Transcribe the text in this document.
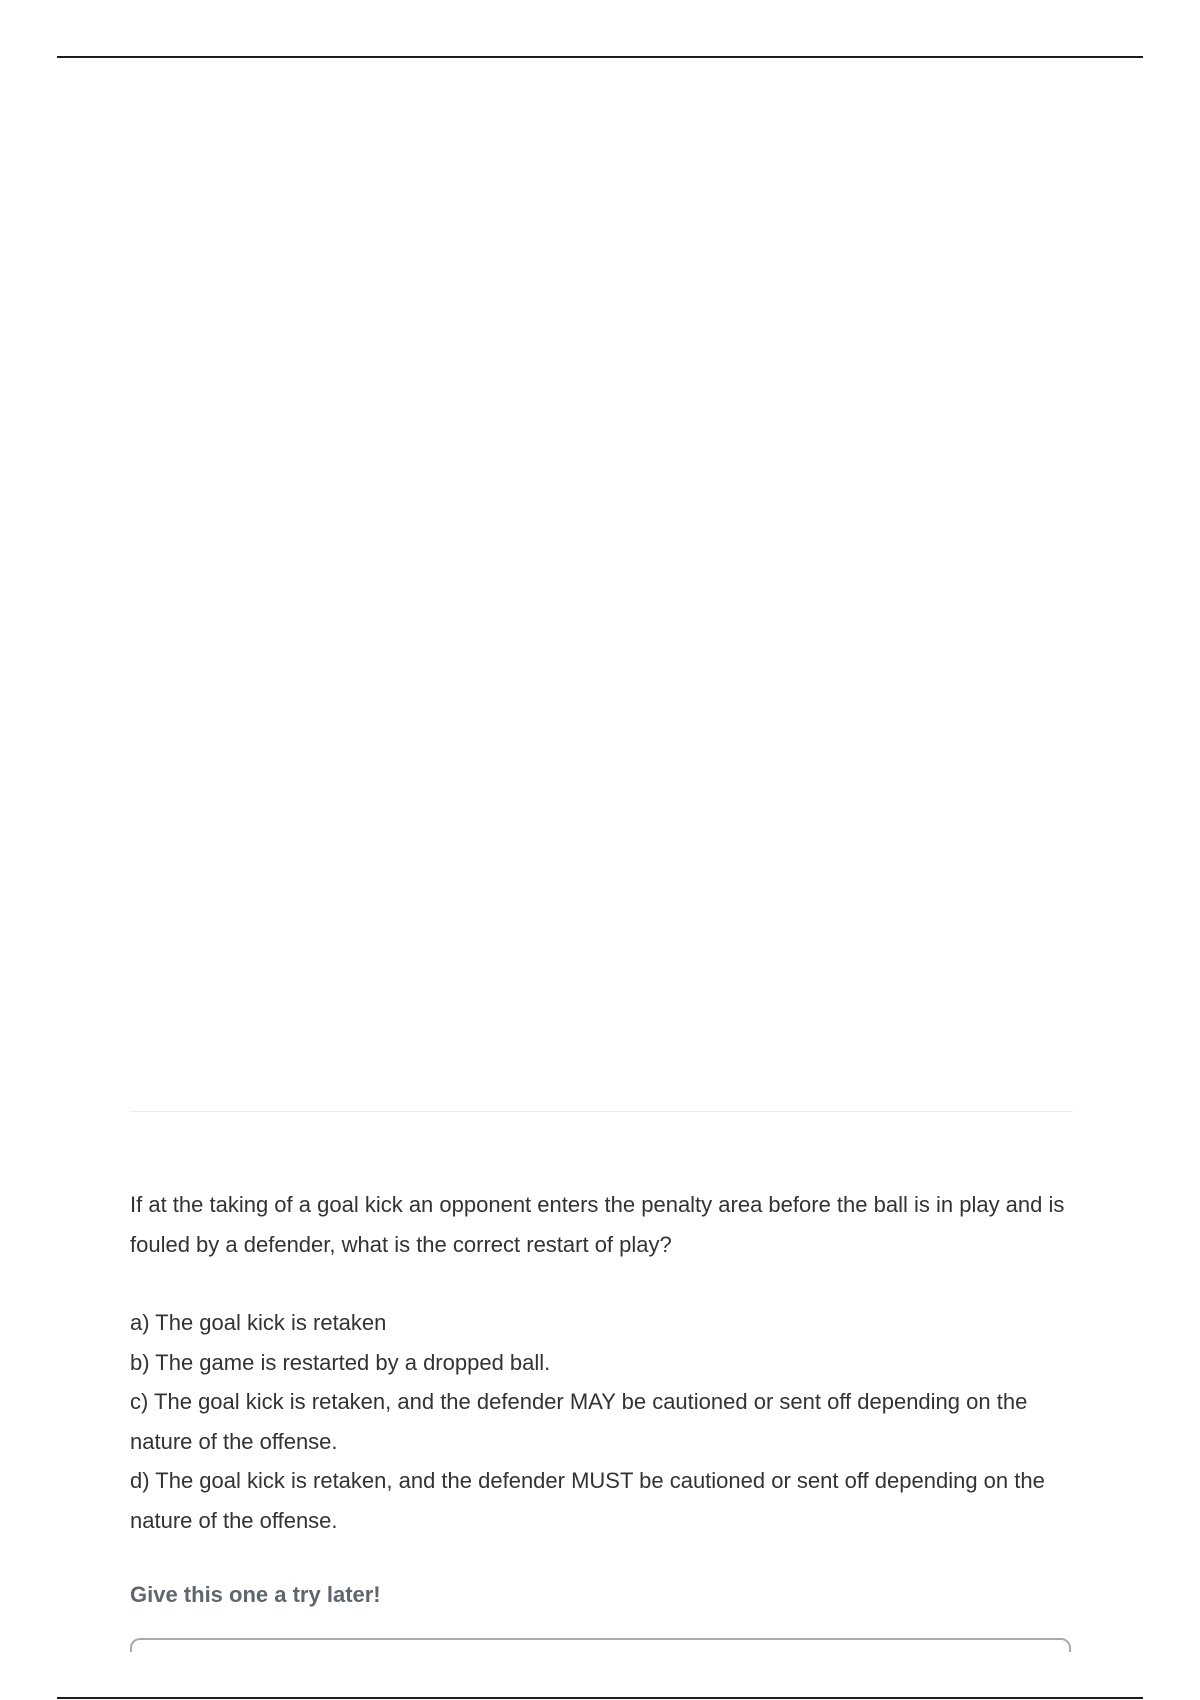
If at the taking of a goal kick an opponent enters the penalty area before the ball is in play and is fouled by a defender, what is the correct restart of play?

a) The goal kick is retaken
b) The game is restarted by a dropped ball.
c) The goal kick is retaken, and the defender MAY be cautioned or sent off depending on the nature of the offense.
d) The goal kick is retaken, and the defender MUST be cautioned or sent off depending on the nature of the offense.
Give this one a try later!
